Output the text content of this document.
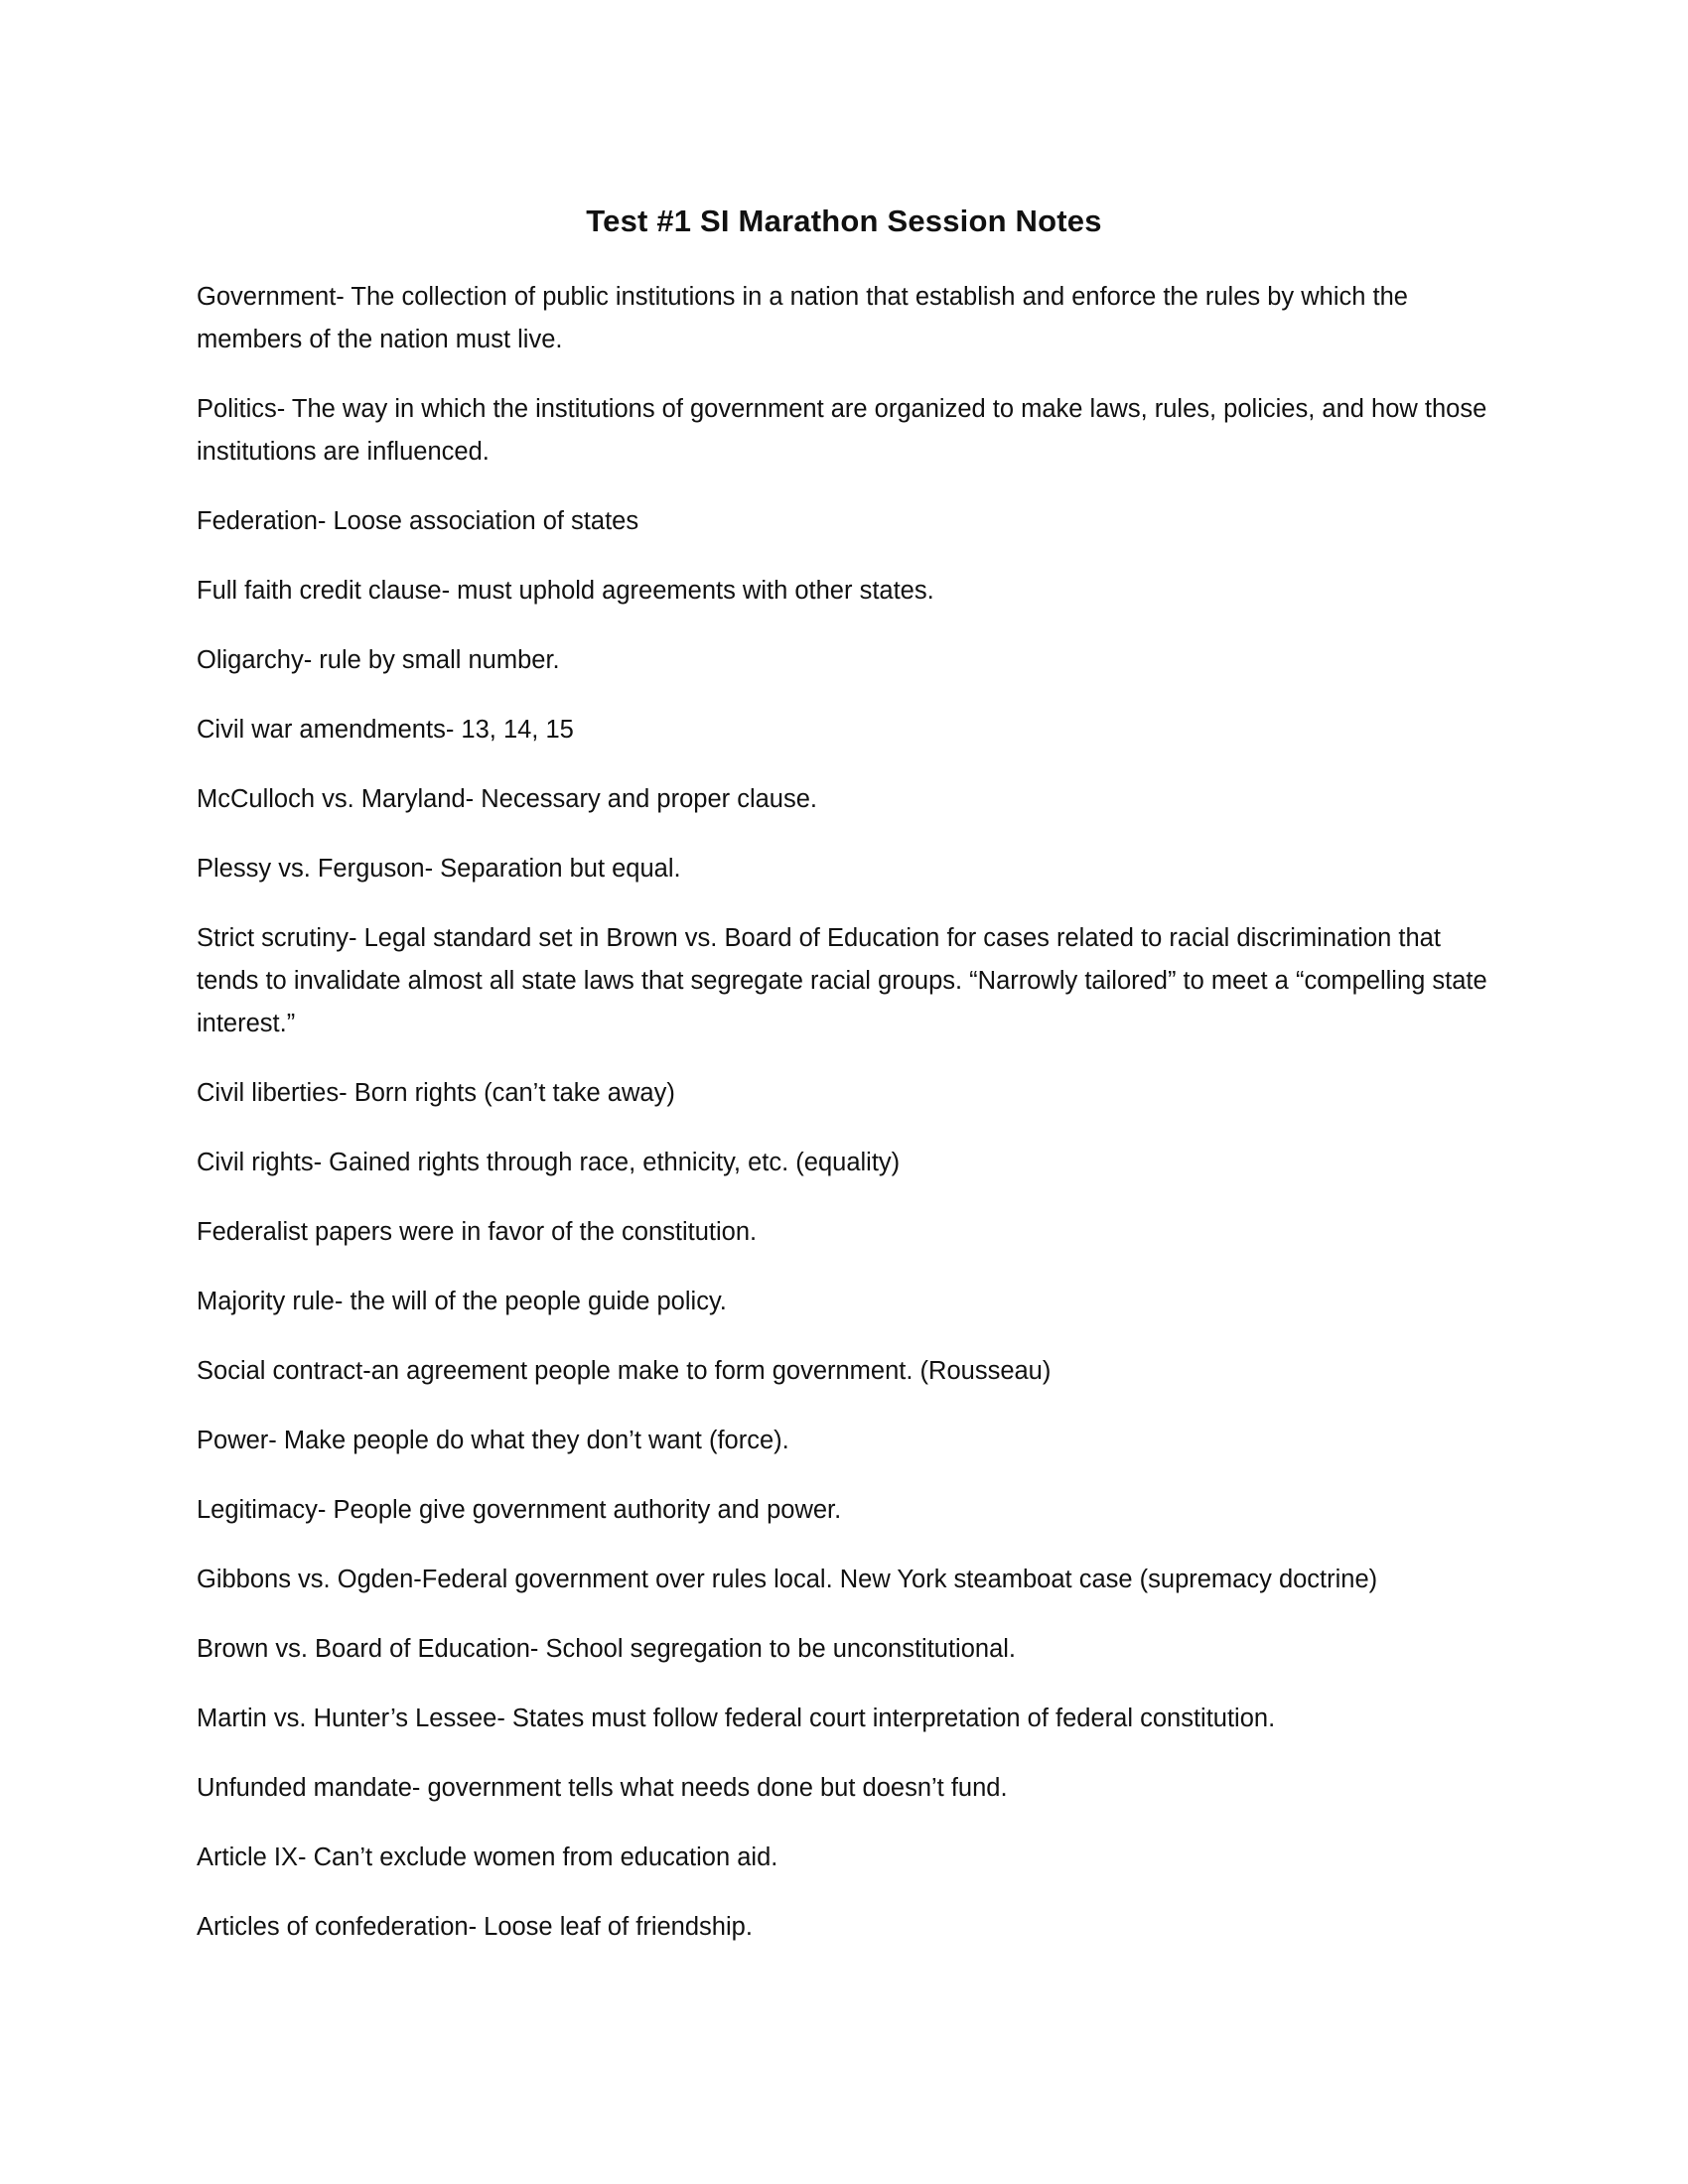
Test #1 SI Marathon Session Notes
Government- The collection of public institutions in a nation that establish and enforce the rules by which the members of the nation must live.
Politics- The way in which the institutions of government are organized to make laws, rules, policies, and how those institutions are influenced.
Federation- Loose association of states
Full faith credit clause- must uphold agreements with other states.
Oligarchy- rule by small number.
Civil war amendments- 13, 14, 15
McCulloch vs. Maryland- Necessary and proper clause.
Plessy vs. Ferguson- Separation but equal.
Strict scrutiny- Legal standard set in Brown vs. Board of Education for cases related to racial discrimination that tends to invalidate almost all state laws that segregate racial groups. “Narrowly tailored” to meet a “compelling state interest.”
Civil liberties- Born rights (can’t take away)
Civil rights- Gained rights through race, ethnicity, etc. (equality)
Federalist papers were in favor of the constitution.
Majority rule- the will of the people guide policy.
Social contract-an agreement people make to form government. (Rousseau)
Power- Make people do what they don’t want (force).
Legitimacy- People give government authority and power.
Gibbons vs. Ogden-Federal government over rules local. New York steamboat case (supremacy doctrine)
Brown vs. Board of Education- School segregation to be unconstitutional.
Martin vs. Hunter’s Lessee- States must follow federal court interpretation of federal constitution.
Unfunded mandate- government tells what needs done but doesn’t fund.
Article IX- Can’t exclude women from education aid.
Articles of confederation- Loose leaf of friendship.
